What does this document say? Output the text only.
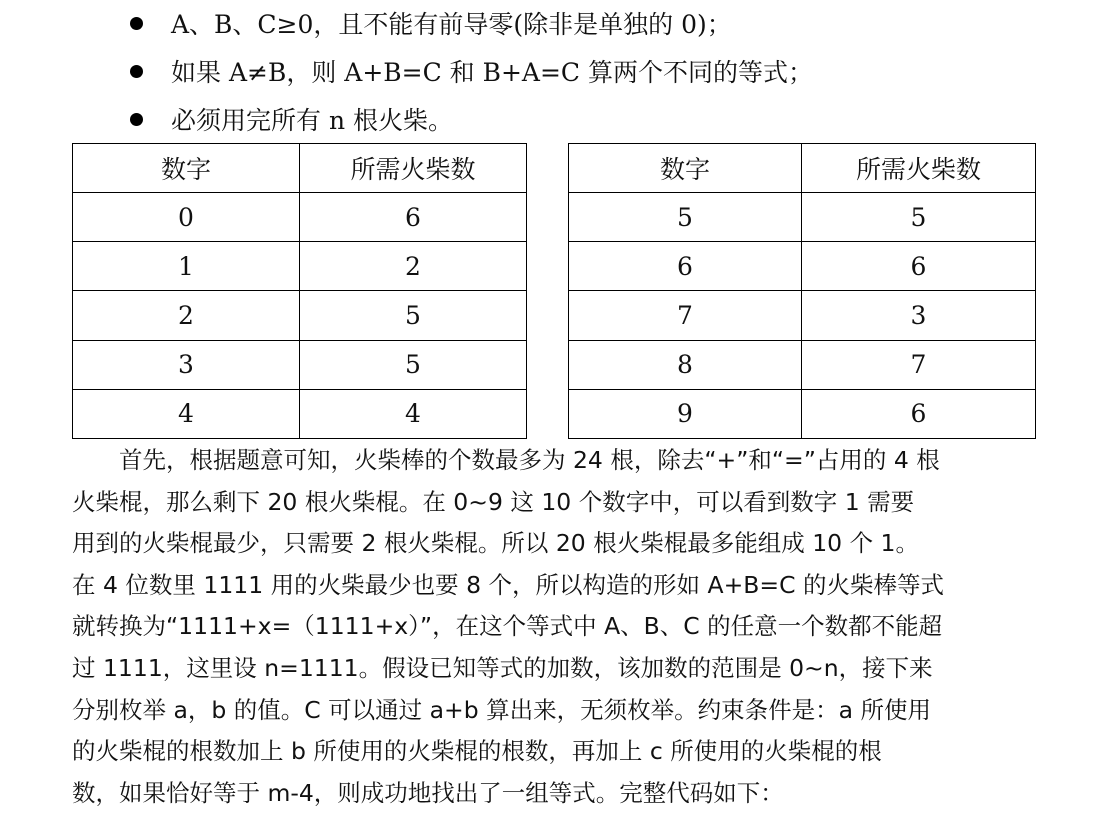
A、B、C≥0，且不能有前导零(除非是单独的 0)；
如果 A≠B，则 A+B=C 和 B+A=C 算两个不同的等式；
必须用完所有 n 根火柴。
数字	所需火柴数
0	6
1	2
2	5
3	5
4	4
数字	所需火柴数
5	5
6	6
7	3
8	7
9	6
首先，根据题意可知，火柴棒的个数最多为 24 根，除去“+”和“=”占用的 4 根
火柴棍，那么剩下 20 根火柴棍。在 0~9 这 10 个数字中，可以看到数字 1 需要
用到的火柴棍最少，只需要 2 根火柴棍。所以 20 根火柴棍最多能组成 10 个 1。
在 4 位数里 1111 用的火柴最少也要 8 个，所以构造的形如 A+B=C 的火柴棒等式
就转换为“1111+x=（1111+x）”，在这个等式中 A、B、C 的任意一个数都不能超
过 1111，这里设 n=1111。假设已知等式的加数，该加数的范围是 0~n，接下来
分别枚举 a，b 的值。C 可以通过 a+b 算出来，无须枚举。约束条件是：a 所使用
的火柴棍的根数加上 b 所使用的火柴棍的根数，再加上 c 所使用的火柴棍的根
数，如果恰好等于 m-4，则成功地找出了一组等式。完整代码如下：
